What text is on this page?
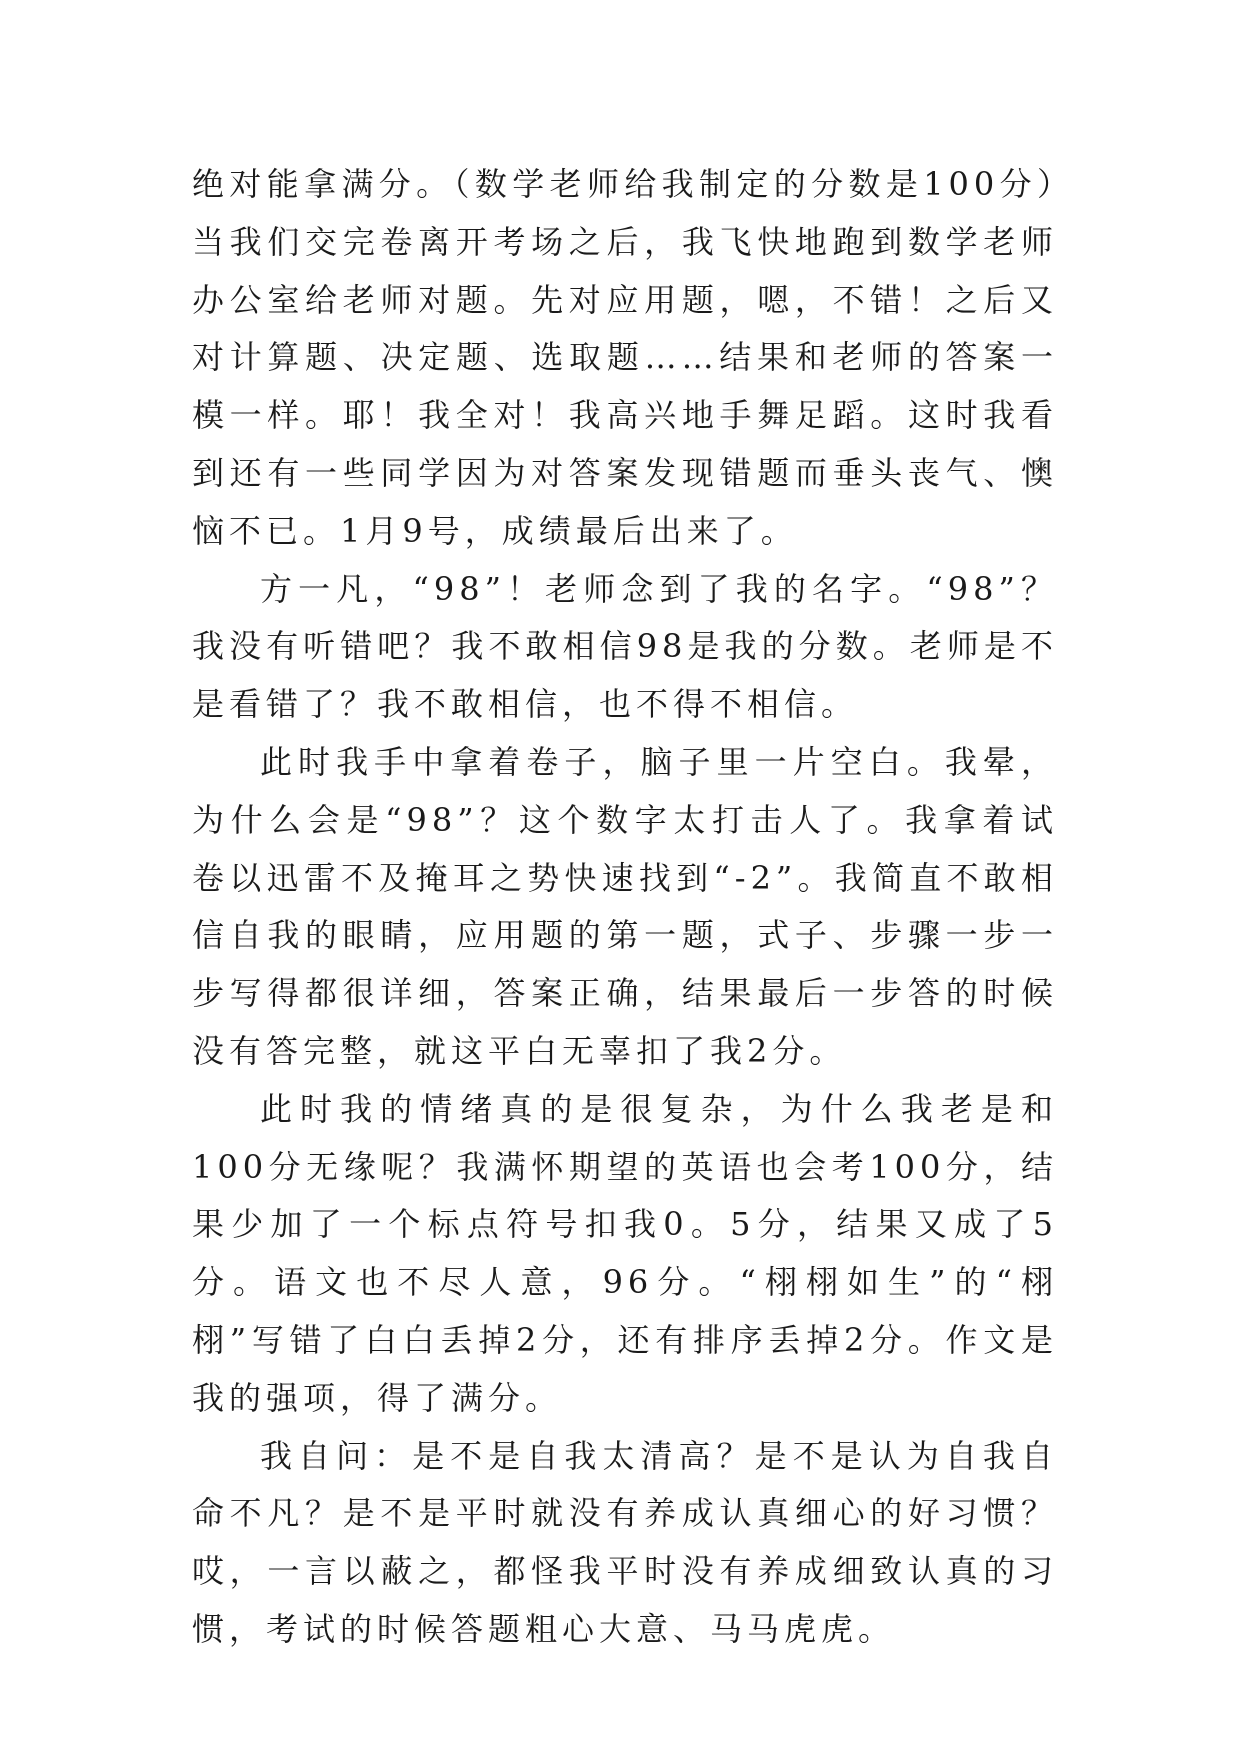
绝对能拿满分。（数学老师给我制定的分数是100分）当我们交完卷离开考场之后，我飞快地跑到数学老师办公室给老师对题。先对应用题，嗯，不错！之后又对计算题、决定题、选取题……结果和老师的答案一模一样。耶！我全对！我高兴地手舞足蹈。这时我看到还有一些同学因为对答案发现错题而垂头丧气、懊恼不已。1月9号，成绩最后出来了。

方一凡，“98”！老师念到了我的名字。“98”？我没有听错吧？我不敢相信98是我的分数。老师是不是看错了？我不敢相信，也不得不相信。

此时我手中拿着卷子，脑子里一片空白。我晕，为什么会是“98”？这个数字太打击人了。我拿着试卷以迅雷不及掩耳之势快速找到“-2”。我简直不敢相信自我的眼睛，应用题的第一题，式子、步骤一步一步写得都很详细，答案正确，结果最后一步答的时候没有答完整，就这平白无辜扣了我2分。

此时我的情绪真的是很复杂，为什么我老是和100分无缘呢？我满怀期望的英语也会考100分，结果少加了一个标点符号扣我0。5分，结果又成了5分。语文也不尽人意，96分。“栩栩如生”的“栩栩”写错了白白丢掉2分，还有排序丢掉2分。作文是我的强项，得了满分。

我自问：是不是自我太清高？是不是认为自我自命不凡？是不是平时就没有养成认真细心的好习惯？哎，一言以蔽之，都怪我平时没有养成细致认真的习惯，考试的时候答题粗心大意、马马虎虎。
